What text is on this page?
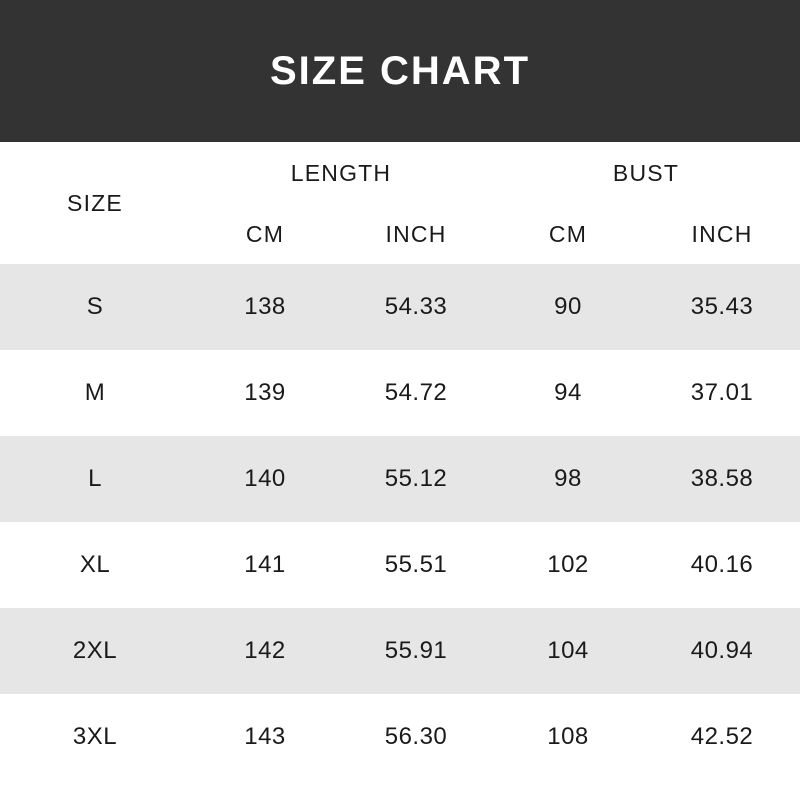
SIZE CHART
SIZE	LENGTH		BUST	
	CM	INCH	CM	INCH
S	138	54.33	90	35.43
M	139	54.72	94	37.01
L	140	55.12	98	38.58
XL	141	55.51	102	40.16
2XL	142	55.91	104	40.94
3XL	143	56.30	108	42.52
